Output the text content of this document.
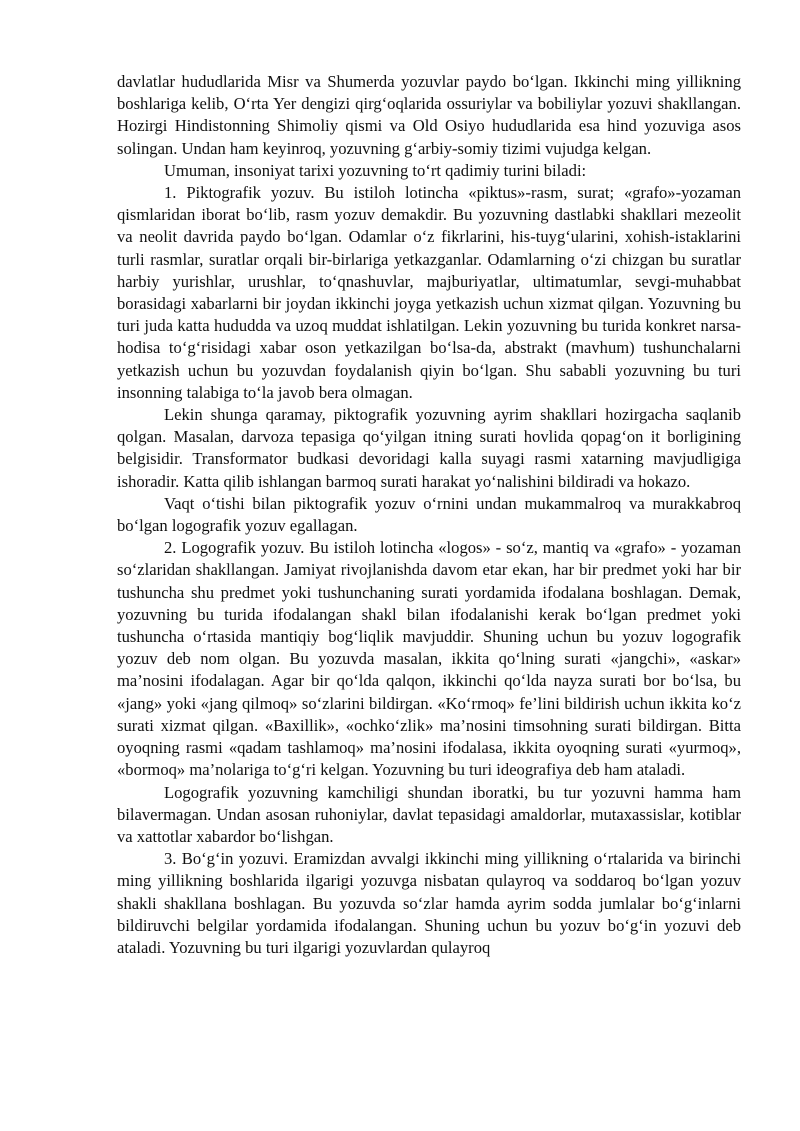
davlatlar hududlarida Misr va Shumerda yozuvlar paydo bo‘lgan. Ikkinchi ming yillikning boshlariga kelib, O‘rta Yer dengizi qirg‘oqlarida ossuriylar va bobiliylar yozuvi shakllangan. Hozirgi Hindistonning Shimoliy qismi va Old Osiyo hududlarida esa hind yozuviga asos solingan. Undan ham keyinroq, yozuvning g‘arbiy-somiy tizimi vujudga kelgan.

Umuman, insoniyat tarixi yozuvning to‘rt qadimiy turini biladi:

1. Piktografik yozuv. Bu istiloh lotincha «piktus»-rasm, surat; «grafo»-yozaman qismlaridan iborat bo‘lib, rasm yozuv demakdir. Bu yozuvning dastlabki shakllari mezeolit va neolit davrida paydo bo‘lgan. Odamlar o‘z fikrlarini, his-tuyg‘ularini, xohish-istaklarini turli rasmlar, suratlar orqali bir-birlariga yetkazganlar. Odamlarning o‘zi chizgan bu suratlar harbiy yurishlar, urushlar, to‘qnashuvlar, majburiyatlar, ultimatumlar, sevgi-muhabbat borasidagi xabarlarni bir joydan ikkinchi joyga yetkazish uchun xizmat qilgan. Yozuvning bu turi juda katta hududda va uzoq muddat ishlatilgan. Lekin yozuvning bu turida konkret narsa-hodisa to‘g‘risidagi xabar oson yetkazilgan bo‘lsa-da, abstrakt (mavhum) tushunchalarni yetkazish uchun bu yozuvdan foydalanish qiyin bo‘lgan. Shu sababli yozuvning bu turi insonning talabiga to‘la javob bera olmagan.

Lekin shunga qaramay, piktografik yozuvning ayrim shakllari hozirgacha saqlanib qolgan. Masalan, darvoza tepasiga qo‘yilgan itning surati hovlida qopag‘on it borligining belgisidir. Transformator budkasi devoridagi kalla suyagi rasmi xatarning mavjudligiga ishoradir. Katta qilib ishlangan barmoq surati harakat yo‘nalishini bildiradi va hokazo.

Vaqt o‘tishi bilan piktografik yozuv o‘rnini undan mukammalroq va murakkabroq bo‘lgan logografik yozuv egallagan.

2. Logografik yozuv. Bu istiloh lotincha «logos» - so‘z, mantiq va «grafo» - yozaman so‘zlaridan shakllangan. Jamiyat rivojlanishda davom etar ekan, har bir predmet yoki har bir tushuncha shu predmet yoki tushunchaning surati yordamida ifodalana boshlagan. Demak, yozuvning bu turida ifodalangan shakl bilan ifodalanishi kerak bo‘lgan predmet yoki tushuncha o‘rtasida mantiqiy bog‘liqlik mavjuddir. Shuning uchun bu yozuv logografik yozuv deb nom olgan. Bu yozuvda masalan, ikkita qo‘lning surati «jangchi», «askar» ma’nosini ifodalagan. Agar bir qo‘lda qalqon, ikkinchi qo‘lda nayza surati bor bo‘lsa, bu «jang» yoki «jang qilmoq» so‘zlarini bildirgan. «Ko‘rmoq» fe’lini bildirish uchun ikkita ko‘z surati xizmat qilgan. «Baxillik», «ochko‘zlik» ma’nosini timsohning surati bildirgan. Bitta oyoqning rasmi «qadam tashlamoq» ma’nosini ifodalasa, ikkita oyoqning surati «yurmoq», «bormoq» ma’nolariga to‘g‘ri kelgan. Yozuvning bu turi ideografiya deb ham ataladi.

Logografik yozuvning kamchiligi shundan iboratki, bu tur yozuvni hamma ham bilavermagan. Undan asosan ruhoniylar, davlat tepasidagi amaldorlar, mutaxassislar, kotiblar va xattotlar xabardor bo‘lishgan.

3. Bo‘g‘in yozuvi. Eramizdan avvalgi ikkinchi ming yillikning o‘rtalarida va birinchi ming yillikning boshlarida ilgarigi yozuvga nisbatan qulayroq va soddaroq bo‘lgan yozuv shakli shakllana boshlagan. Bu yozuvda so‘zlar hamda ayrim sodda jumlalar bo‘g‘inlarni bildiruvchi belgilar yordamida ifodalangan. Shuning uchun bu yozuv bo‘g‘in yozuvi deb ataladi. Yozuvning bu turi ilgarigi yozuvlardan qulayroq
